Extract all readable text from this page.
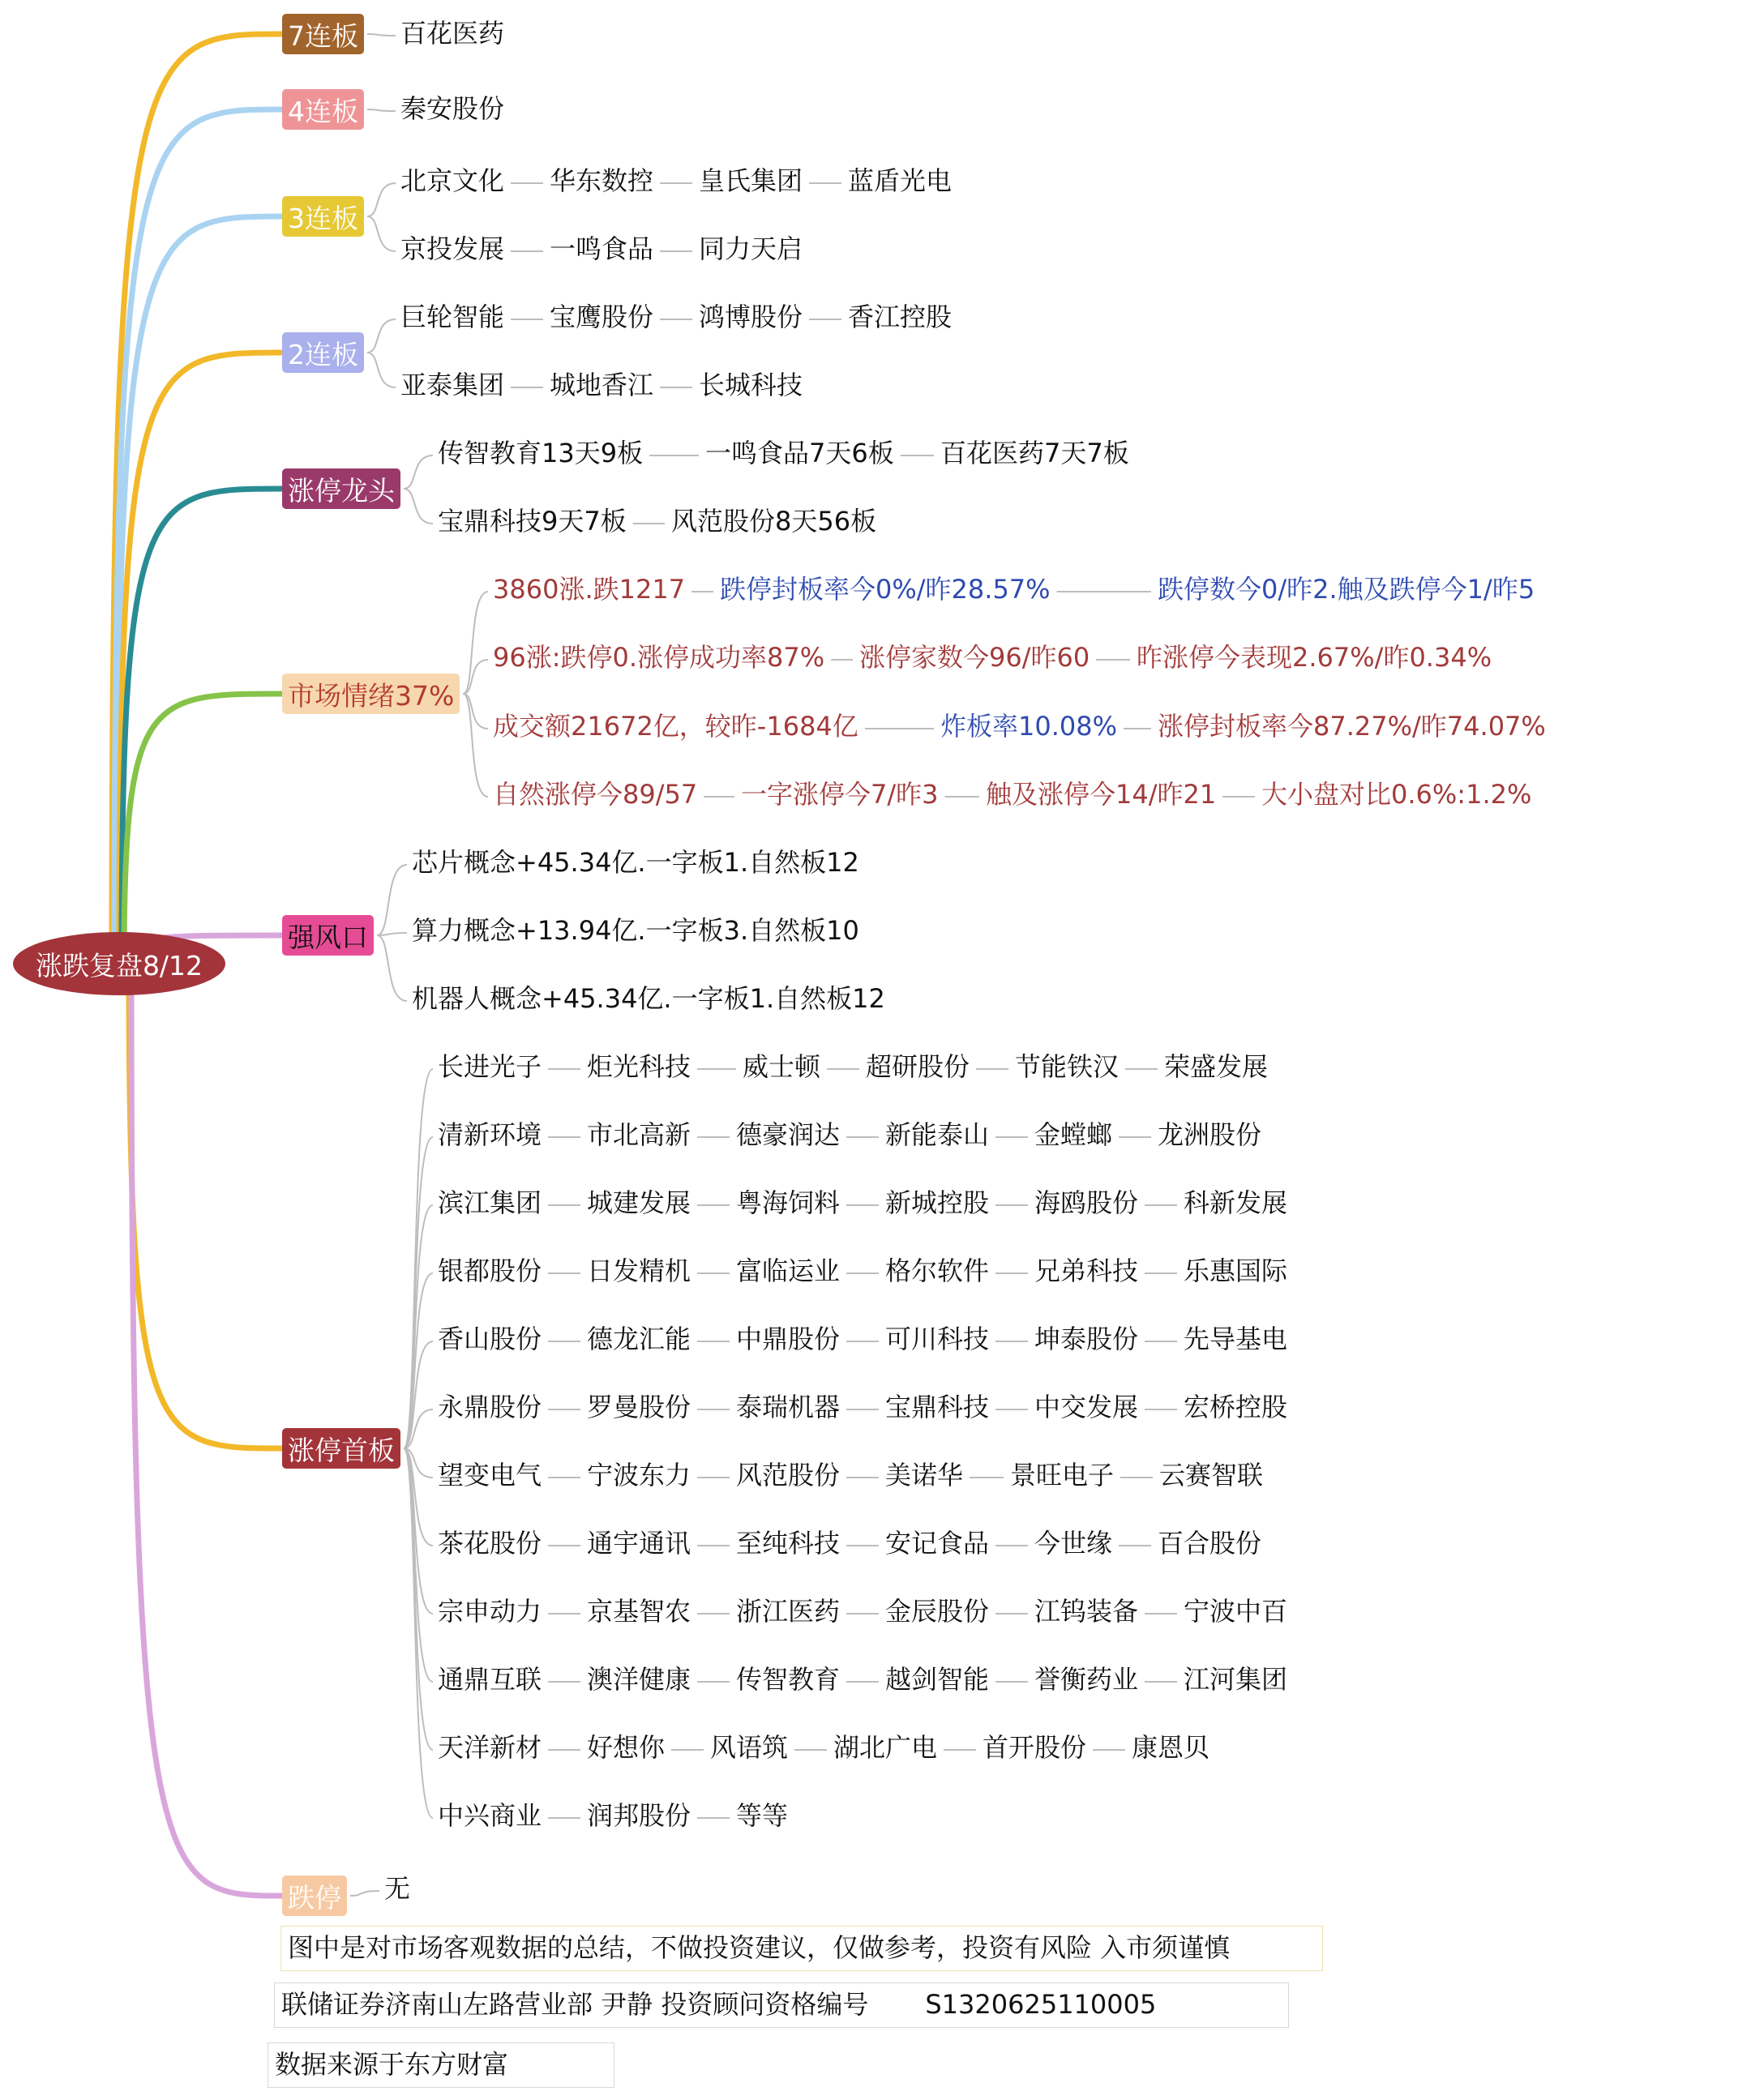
涨跌复盘8/12
7连板
4连板
3连板
2连板
涨停龙头
市场情绪37%
强风口
涨停首板
跌停
百花医药
秦安股份
北京文化 华东数控 皇氏集团 蓝盾光电
京投发展 一鸣食品 同力天启
巨轮智能 宝鹰股份 鸿博股份 香江控股
亚泰集团 城地香江 长城科技
传智教育13天9板 一鸣食品7天6板 百花医药7天7板
宝鼎科技9天7板 风范股份8天56板
3860涨.跌1217 跌停封板率今0%/昨28.57%	跌停数今0/昨2.触及跌停今1/昨5
96涨:跌停0.涨停成功率87% 涨停家数今96/昨60 昨涨停今表现2.67%/昨0.34%
成交额21672亿，较昨-1684亿	炸板率10.08% 涨停封板率今87.27%/昨74.07%
自然涨停今89/57 一字涨停今7/昨3 触及涨停今14/昨21 大小盘对比0.6%:1.2%
芯片概念+45.34亿.一字板1.自然板12
算力概念+13.94亿.一字板3.自然板10
机器人概念+45.34亿.一字板1.自然板12
长进光子 炬光科技 威士顿 超研股份 节能铁汉 荣盛发展
清新环境 市北高新 德豪润达 新能泰山 金螳螂 龙洲股份
滨江集团 城建发展 粤海饲料 新城控股 海鸥股份 科新发展
银都股份 日发精机 富临运业 格尔软件 兄弟科技 乐惠国际
香山股份 德龙汇能 中鼎股份 可川科技 坤泰股份 先导基电
永鼎股份 罗曼股份 泰瑞机器 宝鼎科技 中交发展 宏桥控股
望变电气 宁波东力 风范股份 美诺华 景旺电子 云赛智联
茶花股份 通宇通讯 至纯科技 安记食品 今世缘 百合股份
宗申动力 京基智农 浙江医药 金辰股份 江钨装备 宁波中百
通鼎互联 澳洋健康 传智教育 越剑智能 誉衡药业 江河集团
天洋新材 好想你 风语筑 湖北广电 首开股份 康恩贝
中兴商业 润邦股份 等等
无
图中是对市场客观数据的总结，不做投资建议，仅做参考，投资有风险 入市须谨慎
联储证券济南山左路营业部 尹静 投资顾问资格编号 S1320625110005
数据来源于东方财富
